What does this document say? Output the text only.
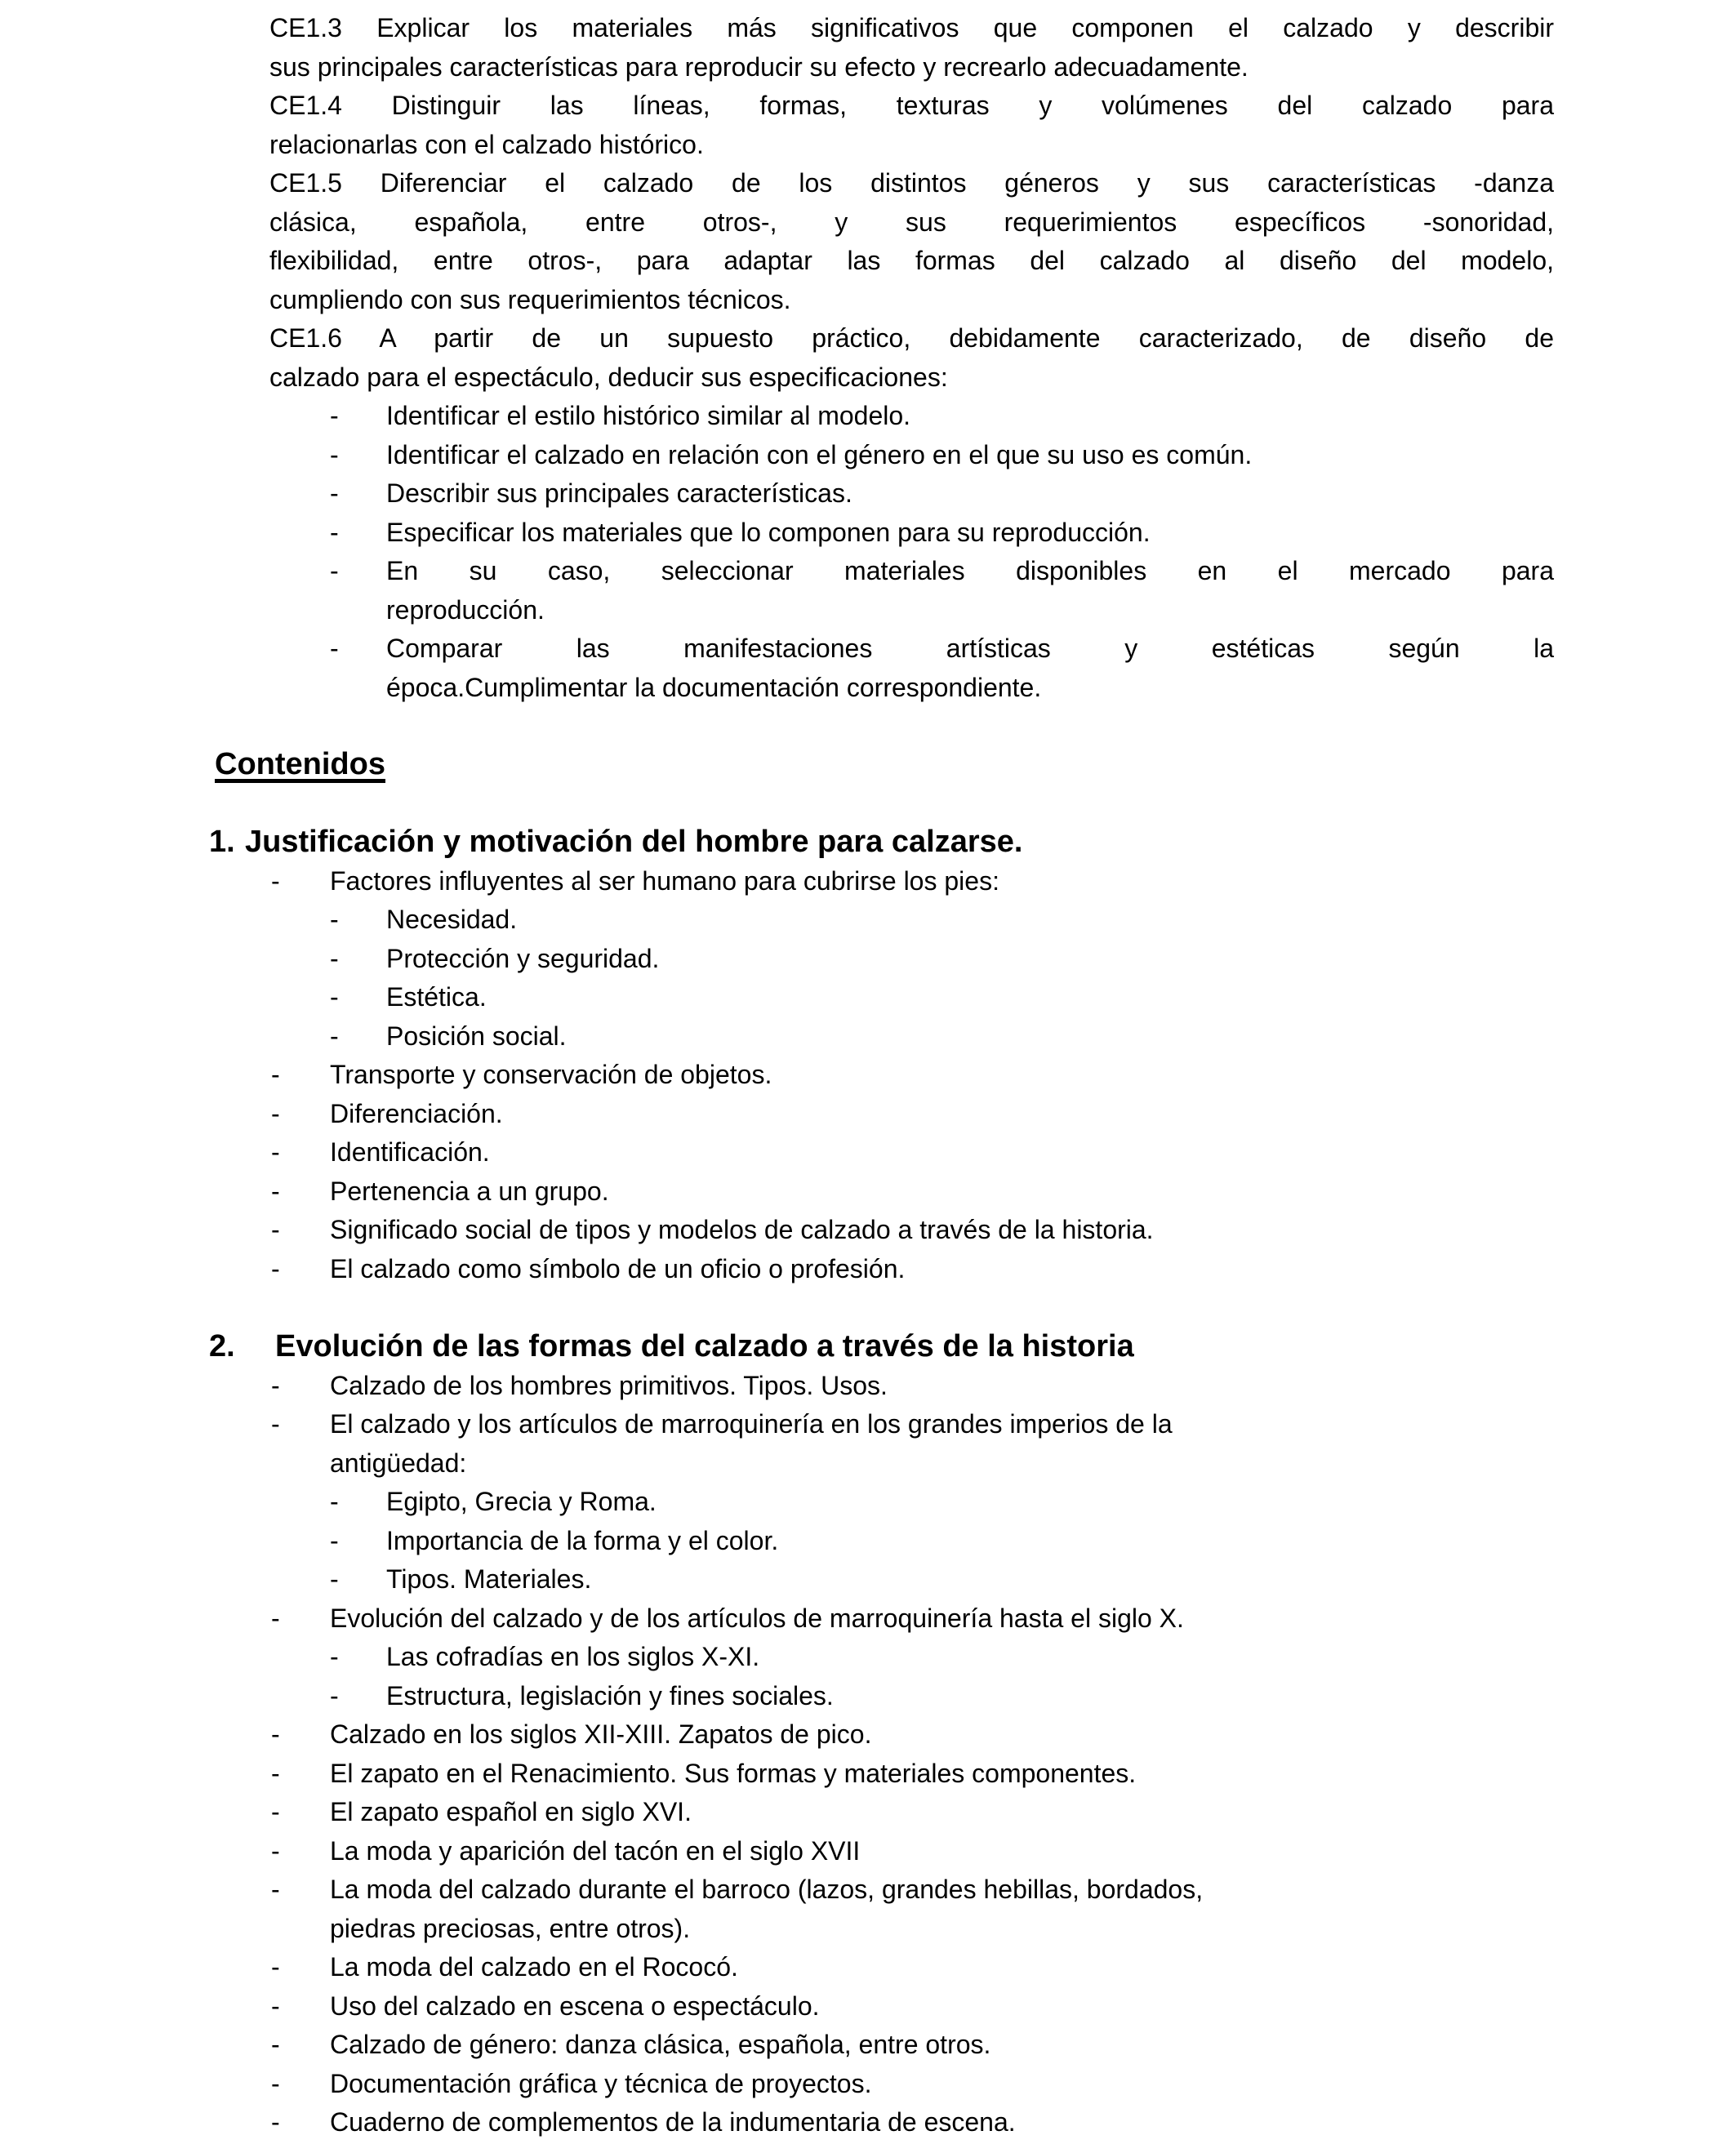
CE1.3 Explicar los materiales más significativos que componen el calzado y describir
sus principales características para reproducir su efecto y recrearlo adecuadamente.
CE1.4 Distinguir las líneas, formas, texturas y volúmenes del calzado para
relacionarlas con el calzado histórico.
CE1.5 Diferenciar el calzado de los distintos géneros y sus características -danza
clásica, española, entre otros-, y sus requerimientos específicos -sonoridad,
flexibilidad, entre otros-, para adaptar las formas del calzado al diseño del modelo,
cumpliendo con sus requerimientos técnicos.
CE1.6 A partir de un supuesto práctico, debidamente caracterizado, de diseño de
calzado para el espectáculo, deducir sus especificaciones:
- Identificar el estilo histórico similar al modelo.
- Identificar el calzado en relación con el género en el que su uso es común.
- Describir sus principales características.
- Especificar los materiales que lo componen para su reproducción.
- En su caso, seleccionar materiales disponibles en el mercado para
reproducción.
- Comparar las manifestaciones artísticas y estéticas según la
época.Cumplimentar la documentación correspondiente.
Contenidos
1. Justificación y motivación del hombre para calzarse.
- Factores influyentes al ser humano para cubrirse los pies:
- Necesidad.
- Protección y seguridad.
- Estética.
- Posición social.
- Transporte y conservación de objetos.
- Diferenciación.
- Identificación.
- Pertenencia a un grupo.
- Significado social de tipos y modelos de calzado a través de la historia.
- El calzado como símbolo de un oficio o profesión.
2. Evolución de las formas del calzado a través de la historia
- Calzado de los hombres primitivos. Tipos. Usos.
- El calzado y los artículos de marroquinería en los grandes imperios de la
antigüedad:
- Egipto, Grecia y Roma.
- Importancia de la forma y el color.
- Tipos. Materiales.
- Evolución del calzado y de los artículos de marroquinería hasta el siglo X.
- Las cofradías en los siglos X-XI.
- Estructura, legislación y fines sociales.
- Calzado en los siglos XII-XIII. Zapatos de pico.
- El zapato en el Renacimiento. Sus formas y materiales componentes.
- El zapato español en siglo XVI.
- La moda y aparición del tacón en el siglo XVII
- La moda del calzado durante el barroco (lazos, grandes hebillas, bordados,
piedras preciosas, entre otros).
- La moda del calzado en el Rococó.
- Uso del calzado en escena o espectáculo.
- Calzado de género: danza clásica, española, entre otros.
- Documentación gráfica y técnica de proyectos.
- Cuaderno de complementos de la indumentaria de escena.
